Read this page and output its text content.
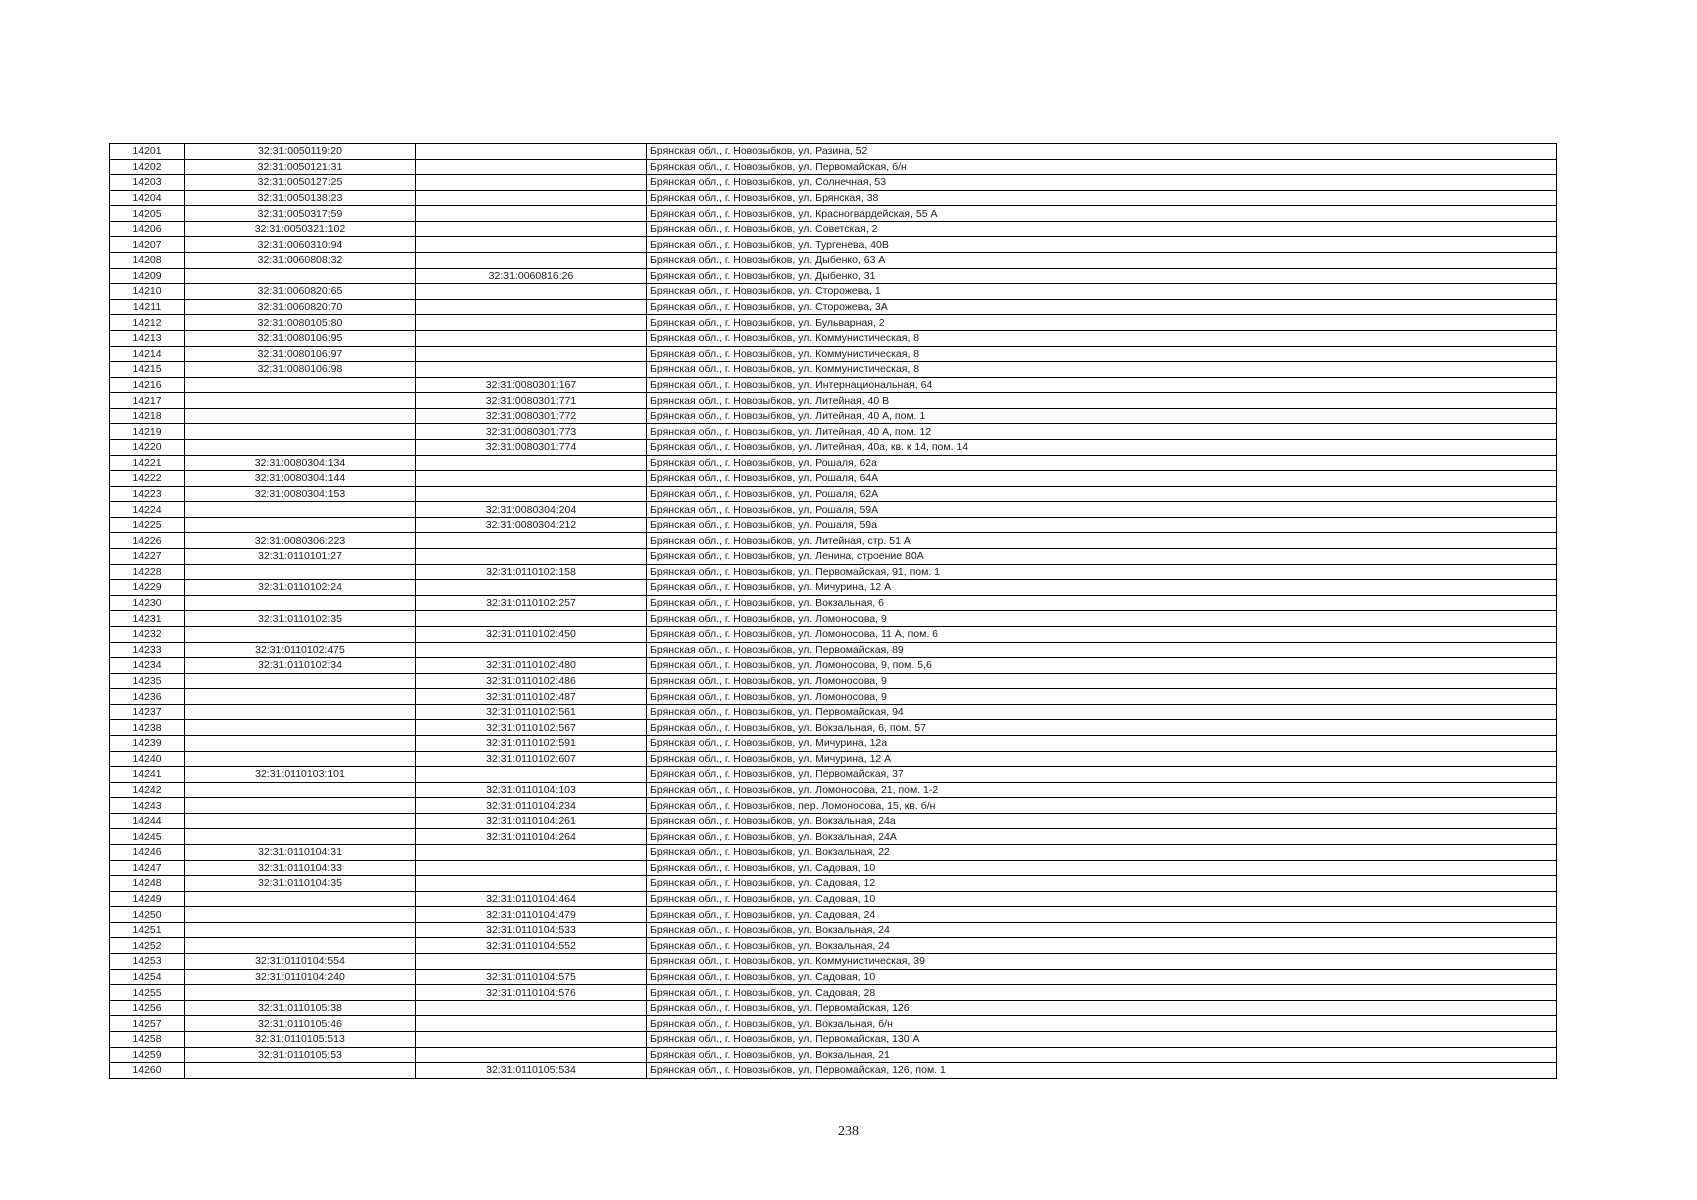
14201	32:31:0050119:20		Брянская обл., г. Новозыбков, ул. Разина, 52
14202	32:31:0050121:31		Брянская обл., г. Новозыбков, ул. Первомайская, б/н
14203	32:31:0050127:25		Брянская обл., г. Новозыбков, ул. Солнечная, 53
14204	32:31:0050138:23		Брянская обл., г. Новозыбков, ул. Брянская, 38
14205	32:31:0050317:59		Брянская обл., г. Новозыбков, ул. Красногвардейская, 55 А
14206	32:31:0050321:102		Брянская обл., г. Новозыбков, ул. Советская, 2
14207	32:31:0060310:94		Брянская обл., г. Новозыбков, ул. Тургенева, 40В
14208	32:31:0060808:32		Брянская обл., г. Новозыбков, ул. Дыбенко, 63 А
14209		32:31:0060816:26	Брянская обл., г. Новозыбков, ул. Дыбенко, 31
14210	32:31:0060820:65		Брянская обл., г. Новозыбков, ул. Сторожева, 1
14211	32:31:0060820:70		Брянская обл., г. Новозыбков, ул. Сторожева, 3А
14212	32:31:0080105:80		Брянская обл., г. Новозыбков, ул. Бульварная, 2
14213	32:31:0080106:95		Брянская обл., г. Новозыбков, ул. Коммунистическая, 8
14214	32:31:0080106:97		Брянская обл., г. Новозыбков, ул. Коммунистическая, 8
14215	32:31:0080106:98		Брянская обл., г. Новозыбков, ул. Коммунистическая, 8
14216		32:31:0080301:167	Брянская обл., г. Новозыбков, ул. Интернациональная, 64
14217		32:31:0080301:771	Брянская обл., г. Новозыбков, ул. Литейная, 40 В
14218		32:31:0080301:772	Брянская обл., г. Новозыбков, ул. Литейная, 40 А, пом. 1
14219		32:31:0080301:773	Брянская обл., г. Новозыбков, ул. Литейная, 40 А, пом. 12
14220		32:31:0080301:774	Брянская обл., г. Новозыбков, ул. Литейная, 40а, кв. к 14, пом. 14
14221	32:31:0080304:134		Брянская обл., г. Новозыбков, ул. Рошаля, 62а
14222	32:31:0080304:144		Брянская обл., г. Новозыбков, ул. Рошаля, 64А
14223	32:31:0080304:153		Брянская обл., г. Новозыбков, ул. Рошаля, 62А
14224		32:31:0080304:204	Брянская обл., г. Новозыбков, ул. Рошаля, 59А
14225		32:31:0080304:212	Брянская обл., г. Новозыбков, ул. Рошаля, 59а
14226	32:31:0080306:223		Брянская обл., г. Новозыбков, ул. Литейная, стр. 51 А
14227	32:31:0110101:27		Брянская обл., г. Новозыбков, ул. Ленина, строение 80А
14228		32:31:0110102:158	Брянская обл., г. Новозыбков, ул. Первомайская, 91, пом. 1
14229	32:31:0110102:24		Брянская обл., г. Новозыбков, ул. Мичурина, 12 А
14230		32:31:0110102:257	Брянская обл., г. Новозыбков, ул. Вокзальная, 6
14231	32:31:0110102:35		Брянская обл., г. Новозыбков, ул. Ломоносова, 9
14232		32:31:0110102:450	Брянская обл., г. Новозыбков, ул. Ломоносова, 11 А, пом. 6
14233	32:31:0110102:475		Брянская обл., г. Новозыбков, ул. Первомайская, 89
14234	32:31:0110102:34	32:31:0110102:480	Брянская обл., г. Новозыбков, ул. Ломоносова, 9, пом. 5,6
14235		32:31:0110102:486	Брянская обл., г. Новозыбков, ул. Ломоносова, 9
14236		32:31:0110102:487	Брянская обл., г. Новозыбков, ул. Ломоносова, 9
14237		32:31:0110102:561	Брянская обл., г. Новозыбков, ул. Первомайская, 94
14238		32:31:0110102:567	Брянская обл., г. Новозыбков, ул. Вокзальная, 6, пом. 57
14239		32:31:0110102:591	Брянская обл., г. Новозыбков, ул. Мичурина, 12а
14240		32:31:0110102:607	Брянская обл., г. Новозыбков, ул. Мичурина, 12 А
14241	32:31:0110103:101		Брянская обл., г. Новозыбков, ул. Первомайская, 37
14242		32:31:0110104:103	Брянская обл., г. Новозыбков, ул. Ломоносова, 21, пом. 1-2
14243		32:31:0110104:234	Брянская обл., г. Новозыбков, пер. Ломоносова, 15, кв. б/н
14244		32:31:0110104:261	Брянская обл., г. Новозыбков, ул. Вокзальная, 24а
14245		32:31:0110104:264	Брянская обл., г. Новозыбков, ул. Вокзальная, 24А
14246	32:31:0110104:31		Брянская обл., г. Новозыбков, ул. Вокзальная, 22
14247	32:31:0110104:33		Брянская обл., г. Новозыбков, ул. Садовая, 10
14248	32:31:0110104:35		Брянская обл., г. Новозыбков, ул. Садовая, 12
14249		32:31:0110104:464	Брянская обл., г. Новозыбков, ул. Садовая, 10
14250		32:31:0110104:479	Брянская обл., г. Новозыбков, ул. Садовая, 24
14251		32:31:0110104:533	Брянская обл., г. Новозыбков, ул. Вокзальная, 24
14252		32:31:0110104:552	Брянская обл., г. Новозыбков, ул. Вокзальная, 24
14253	32:31:0110104:554		Брянская обл., г. Новозыбков, ул. Коммунистическая, 39
14254	32:31:0110104:240	32:31:0110104:575	Брянская обл., г. Новозыбков, ул. Садовая, 10
14255		32:31:0110104:576	Брянская обл., г. Новозыбков, ул. Садовая, 28
14256	32:31:0110105:38		Брянская обл., г. Новозыбков, ул. Первомайская, 126
14257	32:31:0110105:46		Брянская обл., г. Новозыбков, ул. Вокзальная, б/н
14258	32:31:0110105:513		Брянская обл., г. Новозыбков, ул. Первомайская, 130 А
14259	32:31:0110105:53		Брянская обл., г. Новозыбков, ул. Вокзальная, 21
14260		32:31:0110105:534	Брянская обл., г. Новозыбков, ул. Первомайская, 126, пом. 1
238
